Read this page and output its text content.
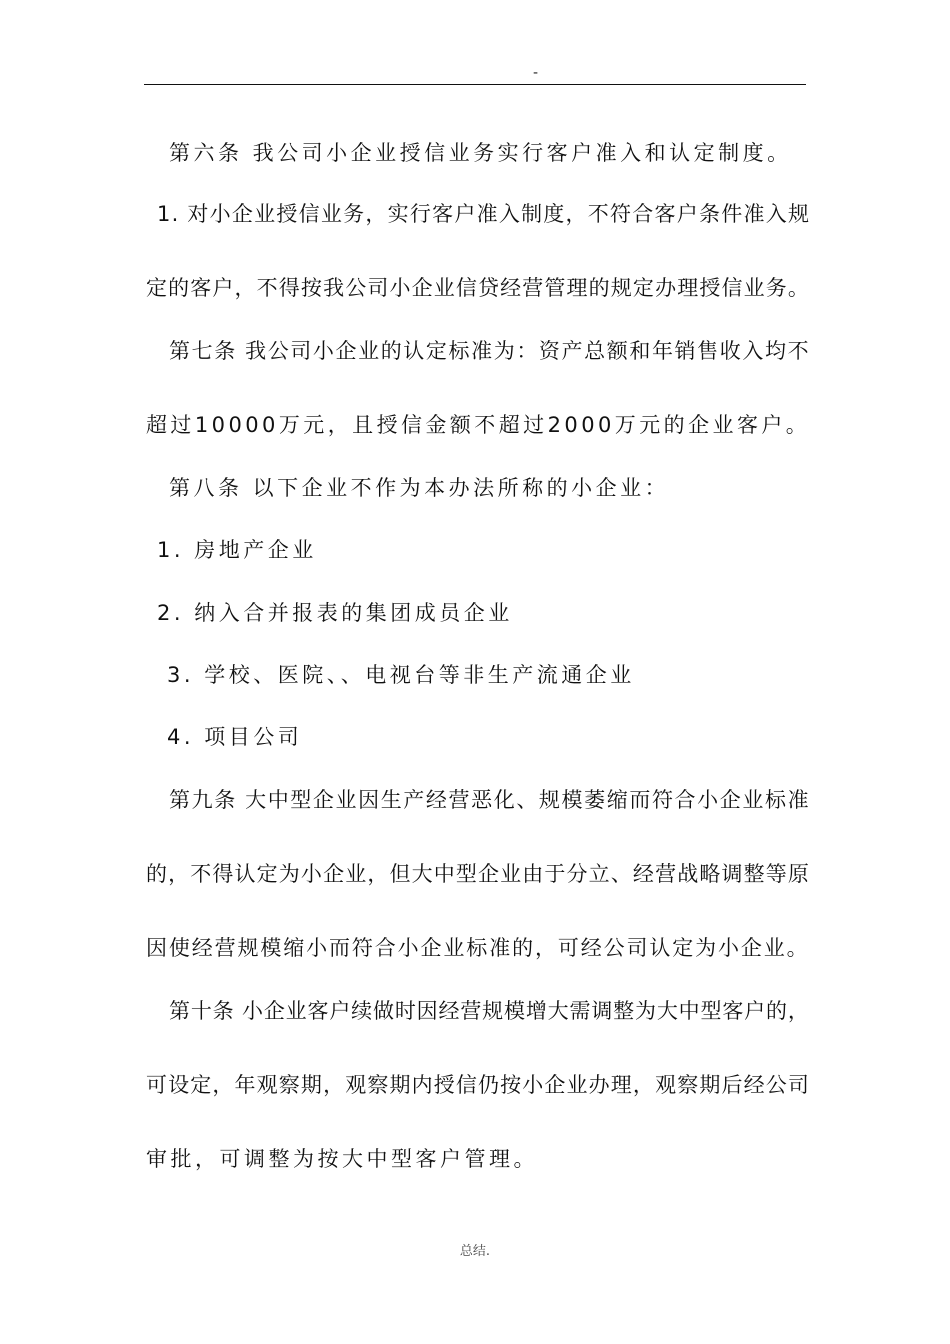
-
第六条 我公司小企业授信业务实行客户准入和认定制度。
1. 对小企业授信业务，实行客户准入制度，不符合客户条件准入规
定的客户，不得按我公司小企业信贷经营管理的规定办理授信业务。
第七条 我公司小企业的认定标准为：资产总额和年销售收入均不
超过10000万元，且授信金额不超过2000万元的企业客户。
第八条 以下企业不作为本办法所称的小企业：
1. 房地产企业
2. 纳入合并报表的集团成员企业
3. 学校、医院、、电视台等非生产流通企业
4. 项目公司
第九条 大中型企业因生产经营恶化、规模萎缩而符合小企业标准
的，不得认定为小企业，但大中型企业由于分立、经营战略调整等原
因使经营规模缩小而符合小企业标准的，可经公司认定为小企业。
第十条 小企业客户续做时因经营规模增大需调整为大中型客户的，
可设定，年观察期，观察期内授信仍按小企业办理，观察期后经公司
审批，可调整为按大中型客户管理。
总结.
